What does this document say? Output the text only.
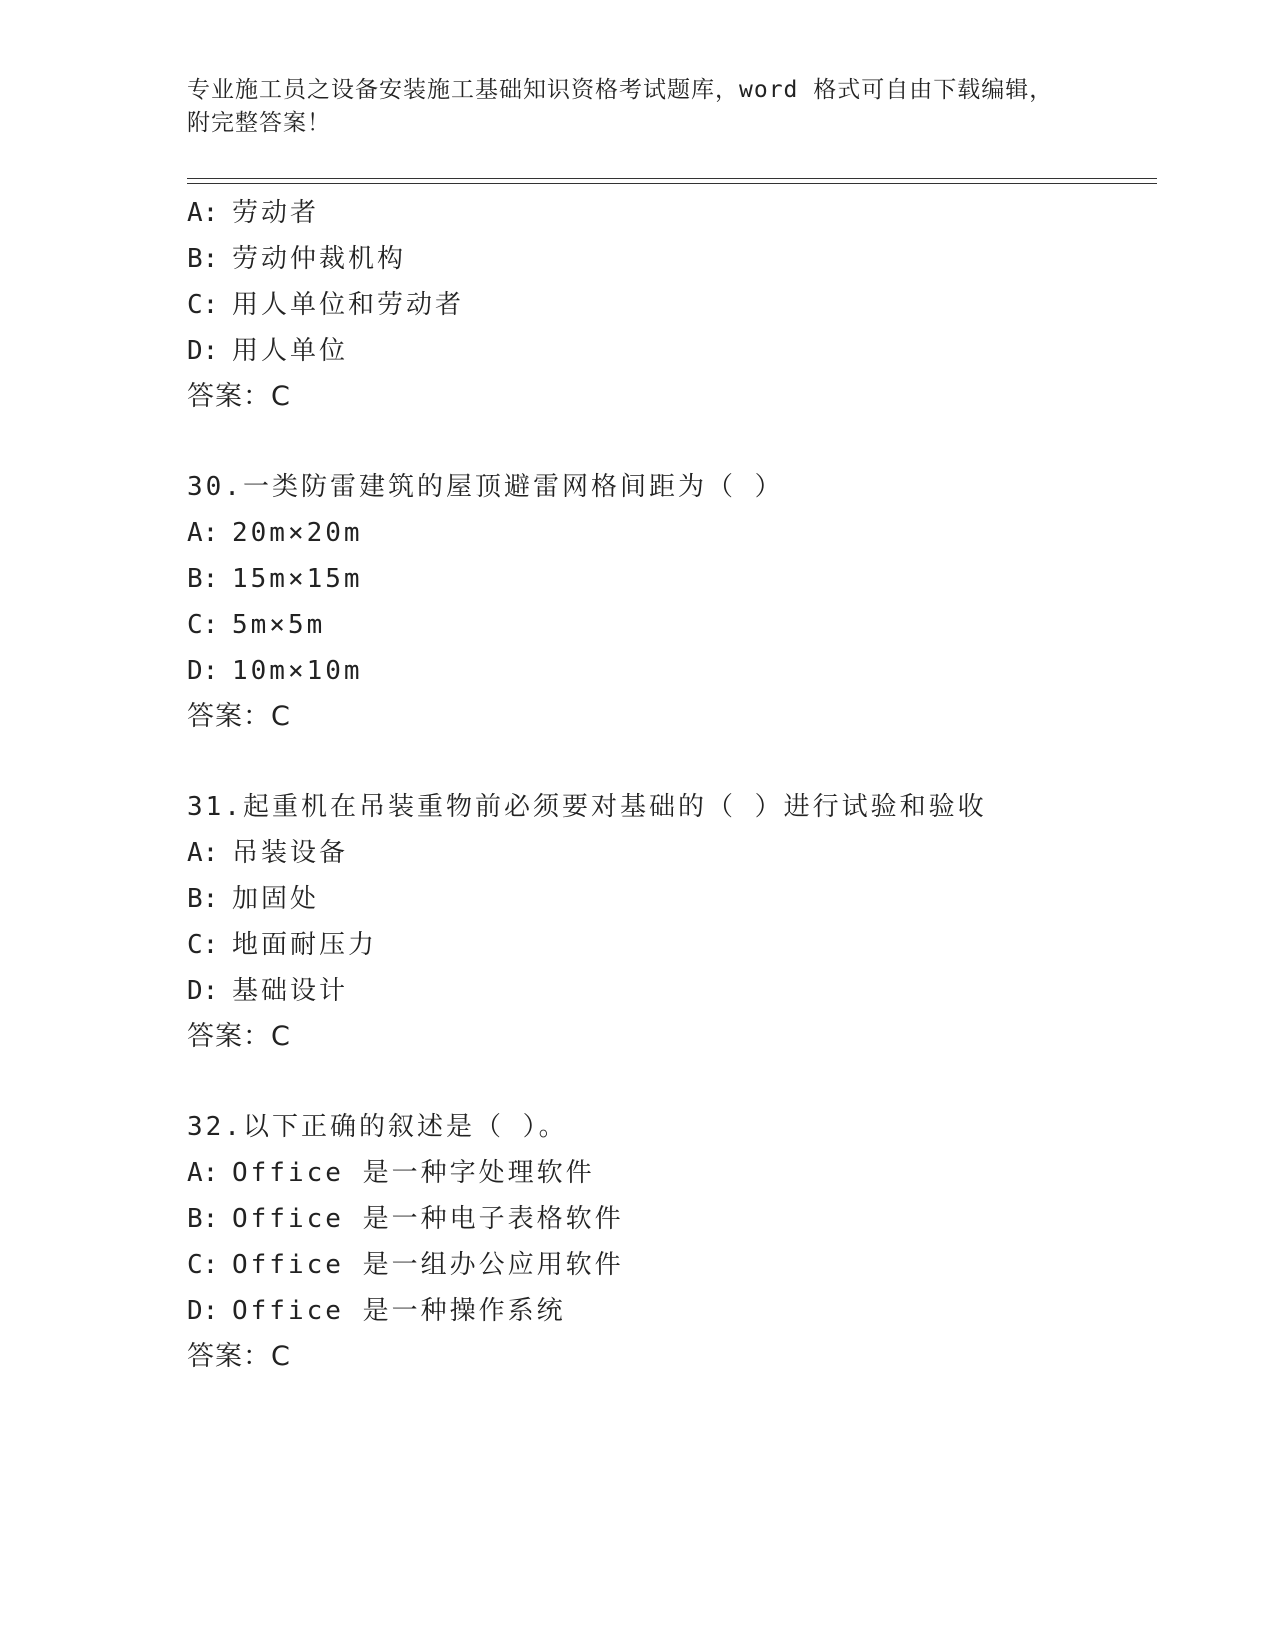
专业施工员之设备安装施工基础知识资格考试题库，word 格式可自由下载编辑，
附完整答案！
A: 劳动者
B: 劳动仲裁机构
C: 用人单位和劳动者
D: 用人单位
答案：C
30.一类防雷建筑的屋顶避雷网格间距为（ ）
A: 20m×20m
B: 15m×15m
C: 5m×5m
D: 10m×10m
答案：C
31.起重机在吊装重物前必须要对基础的（ ）进行试验和验收
A: 吊装设备
B: 加固处
C: 地面耐压力
D: 基础设计
答案：C
32.以下正确的叙述是（ ）。
A: Office 是一种字处理软件
B: Office 是一种电子表格软件
C: Office 是一组办公应用软件
D: Office 是一种操作系统
答案：C
